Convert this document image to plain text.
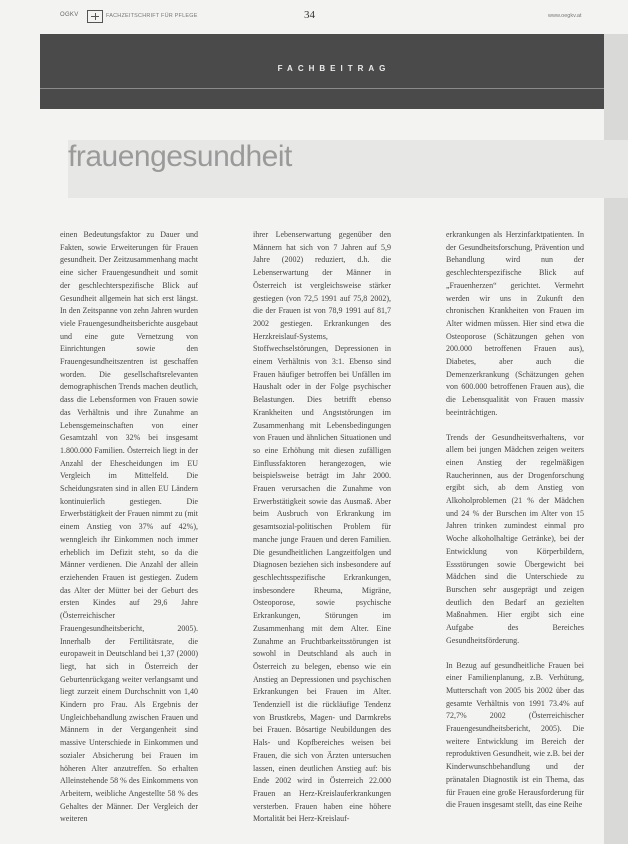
OGKV	FACHZEITSCHRIFT FÜR PFLEGE	34	www.oegkv.at
FACHBEITRAG
frauengesundheit

einen Bedeutungsfaktor zu Dauer und Fakten, sowie Erweiterungen für Frauen gesundheit. Der Zeitzusammenhang macht eine sicher Frauengesundheit und somit der geschlechterspezifische Blick auf Gesundheit allgemein hat sich erst längst. In den Zeitspanne von zehn Jahren wurden viele Frauengesundheitsberichte ausgebaut und eine gute Vernetzung von Einrichtungen sowie den Frauengesundheitszentren ist geschaffen worden. Die gesellschaftsrelevanten demographischen Trends machen deutlich, dass die Lebensformen von Frauen sowie das Verhältnis und ihre Zunahme an Lebensgemeinschaften von einer Gesamtzahl von 32% bei insgesamt 1.800.000 Familien. Österreich liegt in der Anzahl der Ehescheidungen im EU Vergleich im Mittelfeld. Die Scheidungsraten sind in allen EU Ländern kontinuierlich gestiegen. Die Erwerbstätigkeit der Frauen nimmt zu (mit einem Anstieg von 37% auf 42%), wenngleich ihr Einkommen noch immer erheblich im Defizit steht, so da die Männer verdienen. Die Anzahl der allein erziehenden Frauen ist gestiegen. Zudem das Alter der Mütter bei der Geburt des ersten Kindes auf 29,6 Jahre (Österreichischer Frauengesundheitsbericht, 2005). Innerhalb der Fertilitätsrate, die europaweit in Deutschland bei 1,37 (2000) liegt, hat sich in Österreich der Geburtenrückgang weiter verlangsamt und liegt zurzeit einem Durchschnitt von 1,40 Kindern pro Frau. Als Ergebnis der Ungleichbehandlung zwischen Frauen und Männern in der Vergangenheit sind massive Unterschiede in Einkommen und sozialer Absicherung bei Frauen im höheren Alter anzutreffen. So erhalten Alleinstehende 58 % des Einkommens von Arbeitern, weibliche Angestellte 58 % des Gehaltes der Männer. Der Vergleich der weiteren

ihrer Lebenserwartung gegenüber den Männern hat sich von 7 Jahren auf 5,9 Jahre (2002) reduziert, d.h. die Lebenserwartung der Männer in Österreich ist vergleichsweise stärker gestiegen (von 72,5 1991 auf 75,8 2002), die der Frauen ist von 78,9 1991 auf 81,7 2002 gestiegen. Erkrankungen des Herzkreislauf-Systems, Stoffwechselstörungen, Depressionen in einem Verhältnis von 3:1. Ebenso sind Frauen häufiger betroffen bei Unfällen im Haushalt oder in der Folge psychischer Belastungen. Dies betrifft ebenso Krankheiten und Angststörungen im Zusammenhang mit Lebensbedingungen von Frauen und ähnlichen Situationen und so eine Erhöhung mit diesen zufälligen Einflussfaktoren herangezogen, wie beispielsweise beträgt im Jahr 2000. Frauen verursachen die Zunahme von Erwerbstätigkeit sowie das Ausmaß. Aber beim Ausbruch von Erkrankung im gesamtsozial-politischen Problem für manche junge Frauen und deren Familien. Die gesundheitlichen Langzeitfolgen und Diagnosen beziehen sich insbesondere auf geschlechtsspezifische Erkrankungen, insbesondere Rheuma, Migräne, Osteoporose, sowie psychische Erkrankungen, Störungen im Zusammenhang mit dem Alter. Eine Zunahme an Fruchtbarkeitsstörungen ist sowohl in Deutschland als auch in Österreich zu belegen, ebenso wie ein Anstieg an Depressionen und psychischen Erkrankungen bei Frauen im Alter. Tendenziell ist die rückläufige Tendenz von Brustkrebs, Magen- und Darmkrebs bei Frauen. Bösartige Neubildungen des Hals- und Kopfbereiches weisen bei Frauen, die sich von Ärzten untersuchen lassen, einen deutlichen Anstieg auf: bis Ende 2002 wird in Österreich 22.000 Frauen an Herz-Kreislauferkrankungen versterben. Frauen haben eine höhere Mortalität bei Herz-Kreislauf-

erkrankungen als Herzinfarktpatienten. In der Gesundheitsforschung, Prävention und Behandlung wird nun der geschlechterspezifische Blick auf „Frauenherzen“ gerichtet. Vermehrt werden wir uns in Zukunft den chronischen Krankheiten von Frauen im Alter widmen müssen. Hier sind etwa die Osteoporose (Schätzungen gehen von 200.000 betroffenen Frauen aus), Diabetes, aber auch die Demenzerkrankung (Schätzungen gehen von 600.000 betroffenen Frauen aus), die die Lebensqualität von Frauen massiv beeinträchtigen.

Trends der Gesundheitsverhaltens, vor allem bei jungen Mädchen zeigen weiters einen Anstieg der regelmäßigen Raucherinnen, aus der Drogenforschung ergibt sich, ab dem Anstieg von Alkoholproblemen (21 % der Mädchen und 24 % der Burschen im Alter von 15 Jahren trinken zumindest einmal pro Woche alkoholhaltige Getränke), bei der Entwicklung von Körperbildern, Essstörungen sowie Übergewicht bei Mädchen sind die Unterschiede zu Burschen sehr ausgeprägt und zeigen deutlich den Bedarf an gezielten Maßnahmen. Hier ergibt sich eine Aufgabe des Bereiches Gesundheitsförderung.

In Bezug auf gesundheitliche Frauen bei einer Familienplanung, z.B. Verhütung, Mutterschaft von 2005 bis 2002 über das gesamte Verhältnis von 1991 73.4% auf 72,7% 2002 (Österreichischer Frauengesundheitsbericht, 2005). Die weitere Entwicklung im Bereich der reproduktiven Gesundheit, wie z.B. bei der Kinderwunschbehandlung und der pränatalen Diagnostik ist ein Thema, das für Frauen eine große Herausforderung für die Frauen insgesamt stellt, das eine Reihe
